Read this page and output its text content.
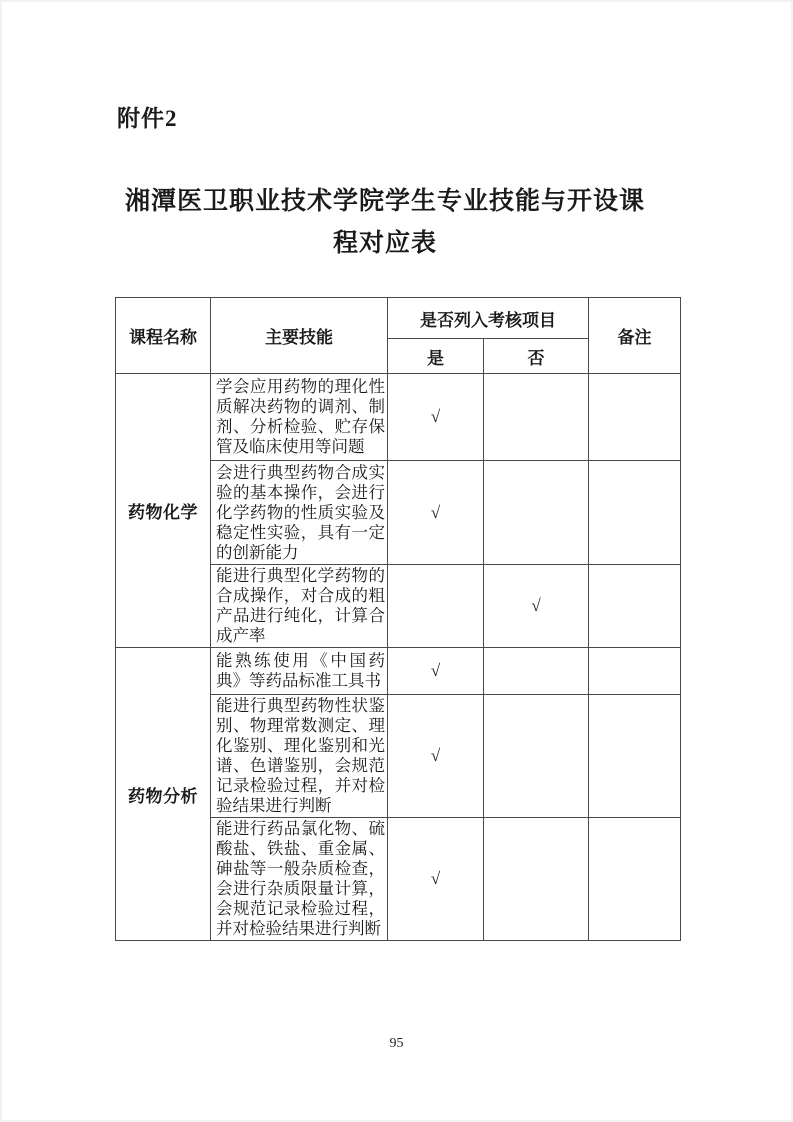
附件2
湘潭医卫职业技术学院学生专业技能与开设课
程对应表
课程名称	主要技能	是否列入考核项目		备注
		是	否	
药物化学	学会应用药物的理化性质解决药物的调剂、制剂、分析检验、贮存保管及临床使用等问题	√		
	会进行典型药物合成实验的基本操作，会进行化学药物的性质实验及稳定性实验，具有一定的创新能力	√		
	能进行典型化学药物的合成操作，对合成的粗产品进行纯化，计算合成产率		√	
药物分析	能熟练使用《中国药典》等药品标准工具书	√		
	能进行典型药物性状鉴别、物理常数测定、理化鉴别、理化鉴别和光谱、色谱鉴别，会规范记录检验过程，并对检验结果进行判断	√		
	能进行药品氯化物、硫酸盐、铁盐、重金属、砷盐等一般杂质检查，会进行杂质限量计算，会规范记录检验过程，并对检验结果进行判断	√		
95
